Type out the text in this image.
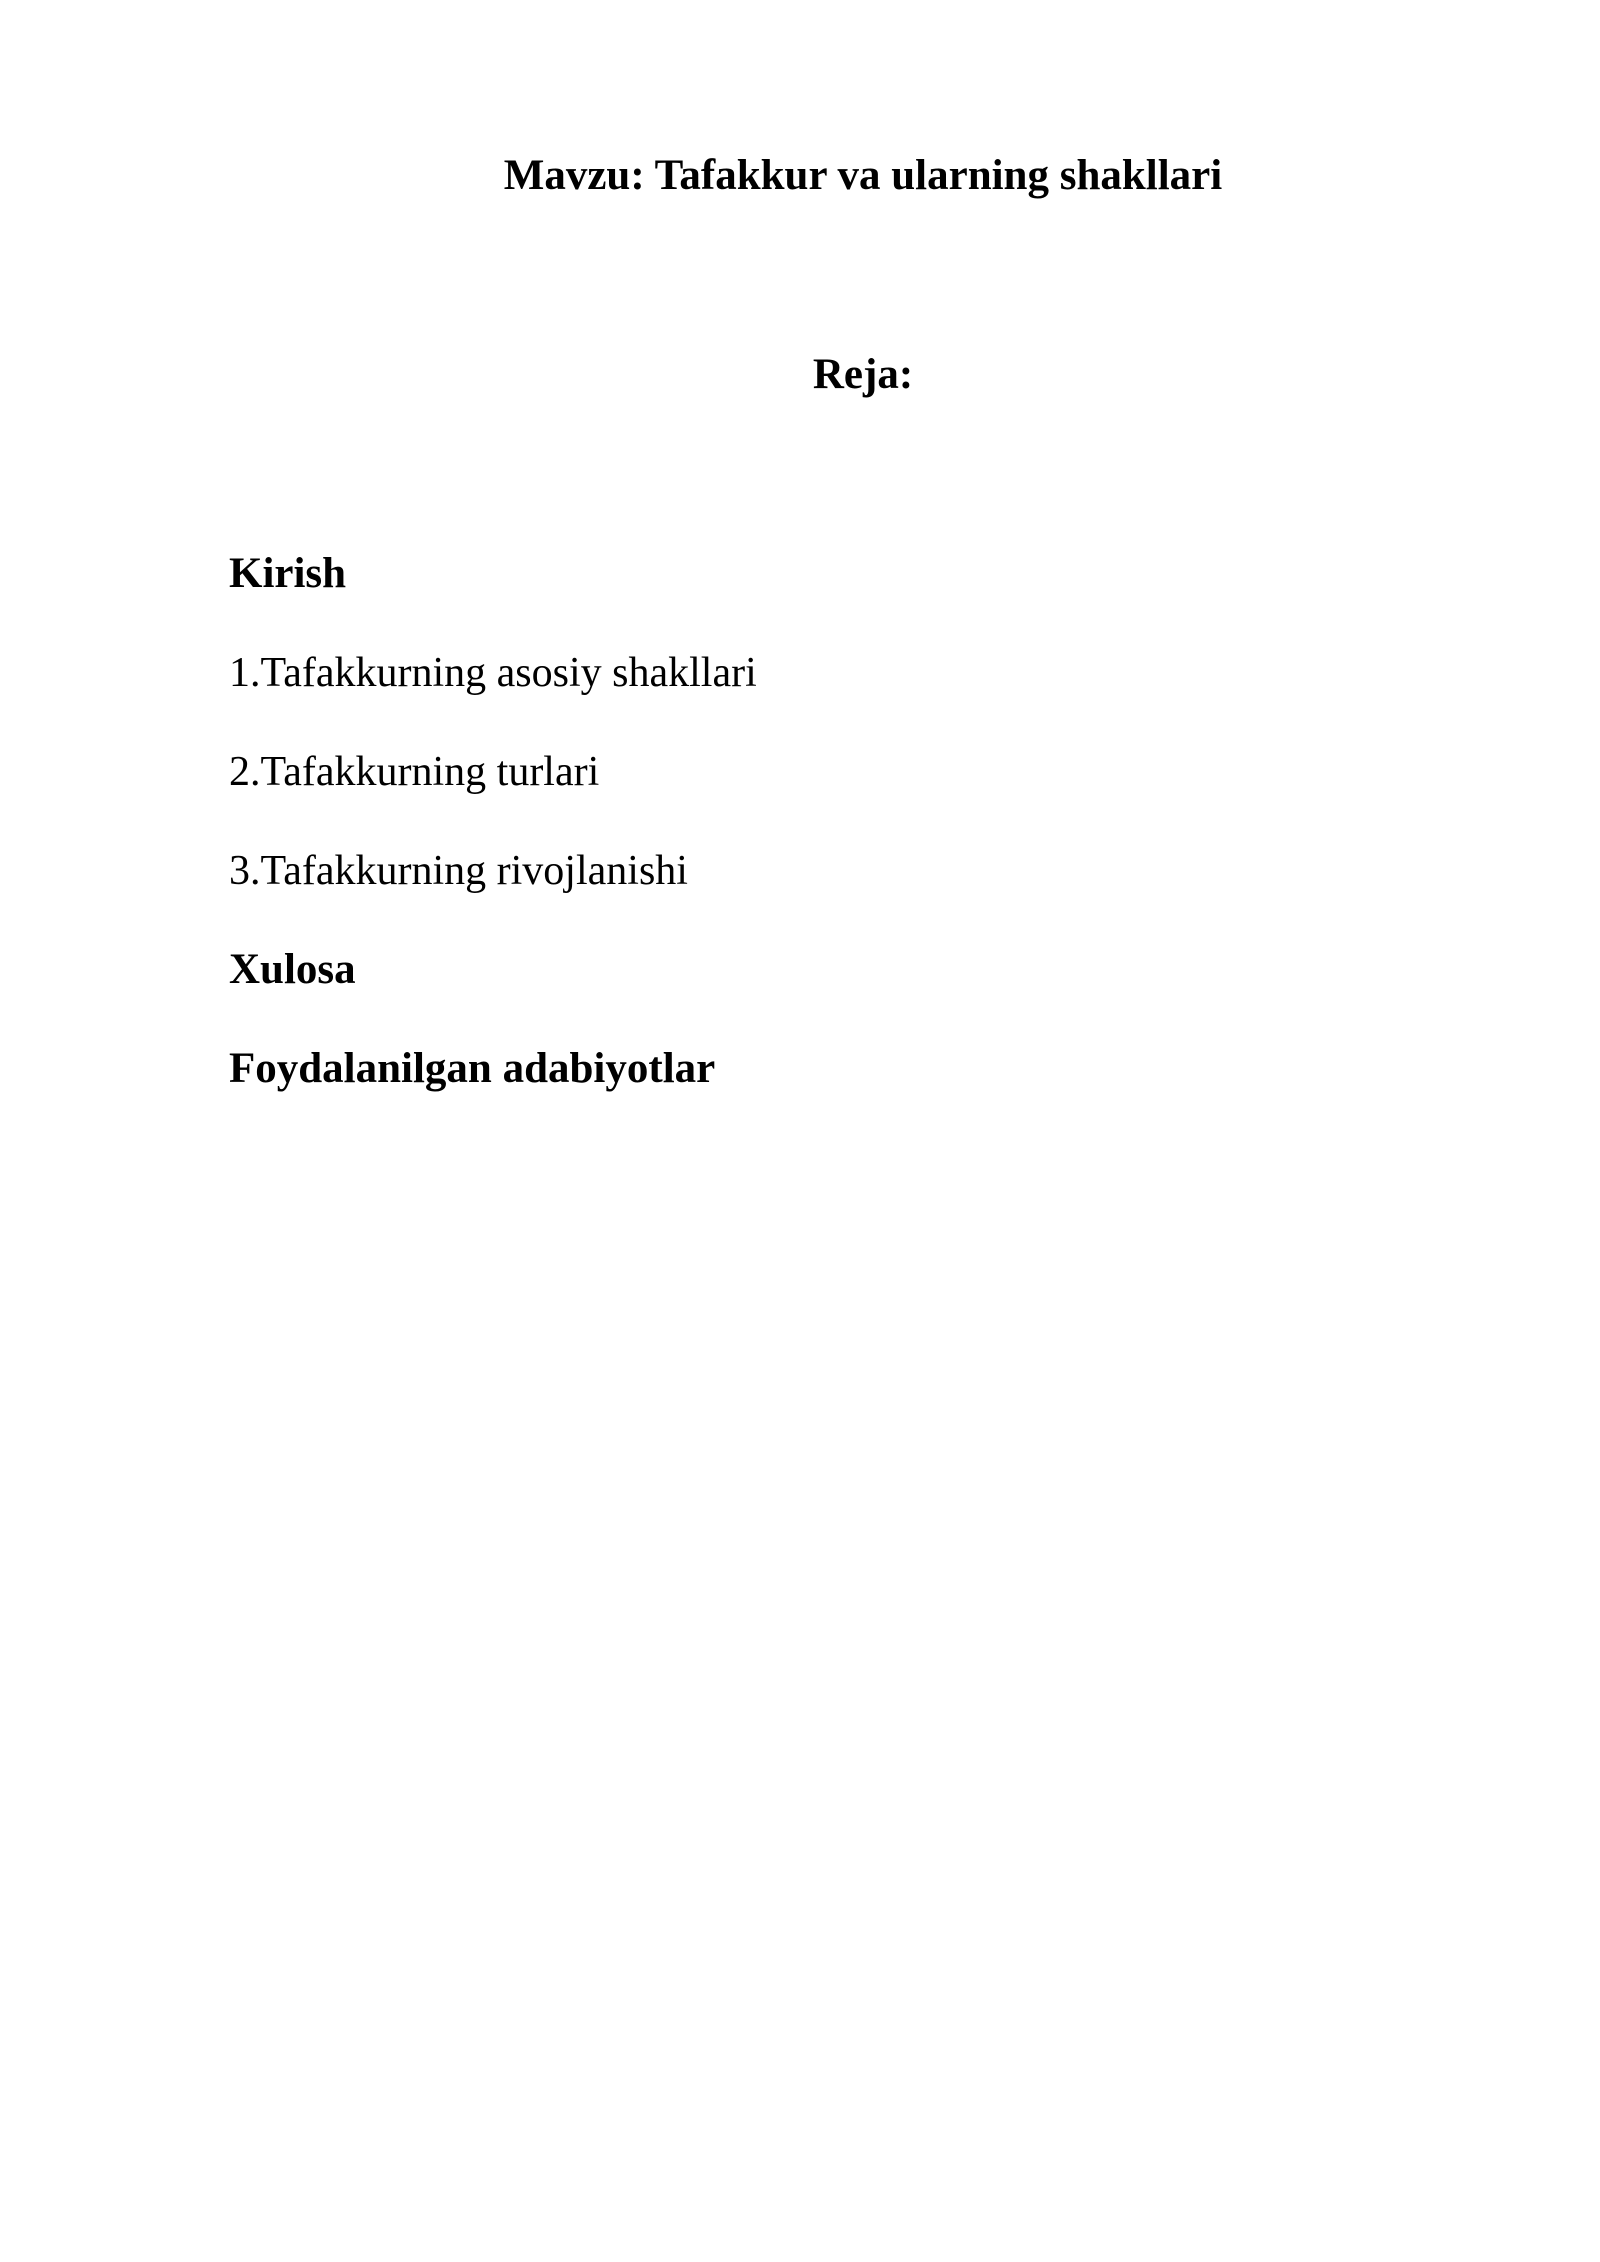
Mavzu: Tafakkur va ularning shakllari
Reja:

Kirish

1.Tafakkurning asosiy shakllari

2.Tafakkurning turlari

3.Tafakkurning rivojlanishi

Xulosa

Foydalanilgan adabiyotlar
